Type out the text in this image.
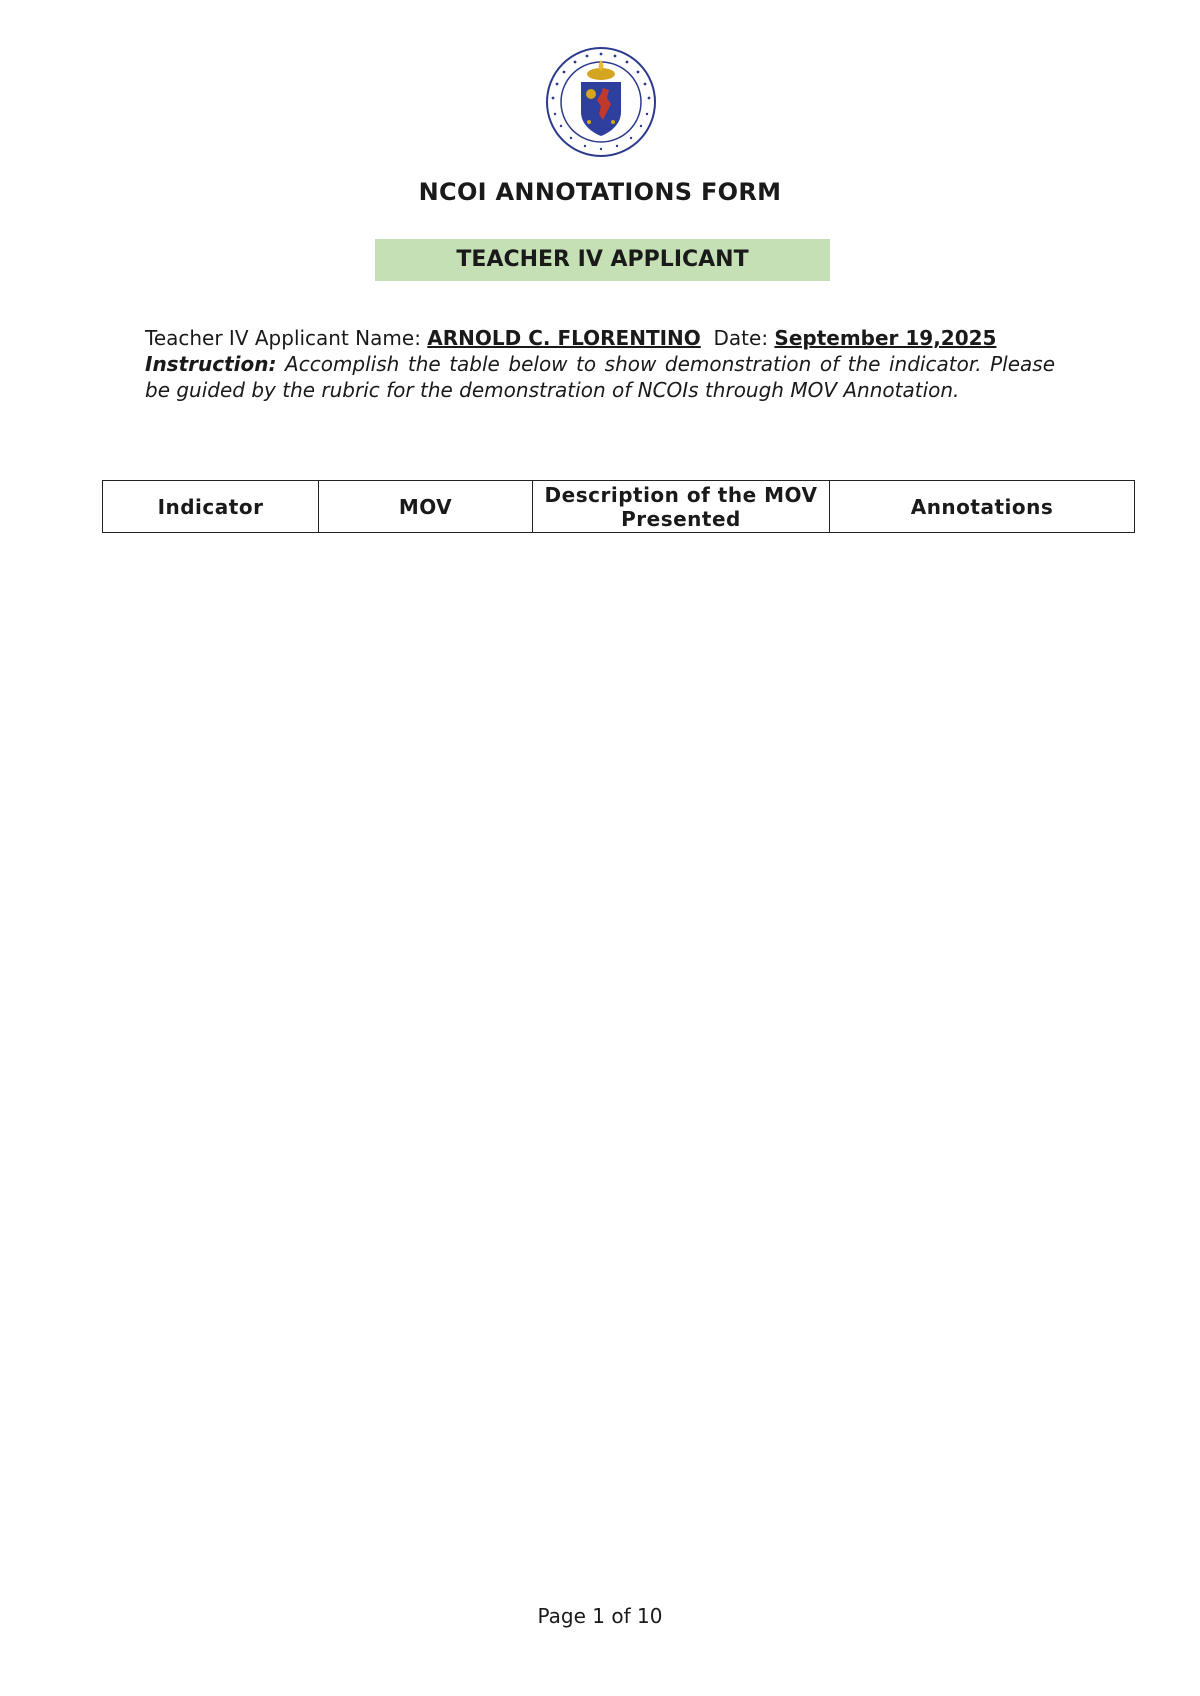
NCOI ANNOTATIONS FORM
TEACHER IV APPLICANT
Teacher IV Applicant Name: ARNOLD C. FLORENTINO Date: September 19,2025
Instruction: Accomplish the table below to show demonstration of the indicator. Please be guided by the rubric for the demonstration of NCOIs through MOV Annotation.
Indicator	MOV	Description of the MOV Presented	Annotations
Page 1 of 10
